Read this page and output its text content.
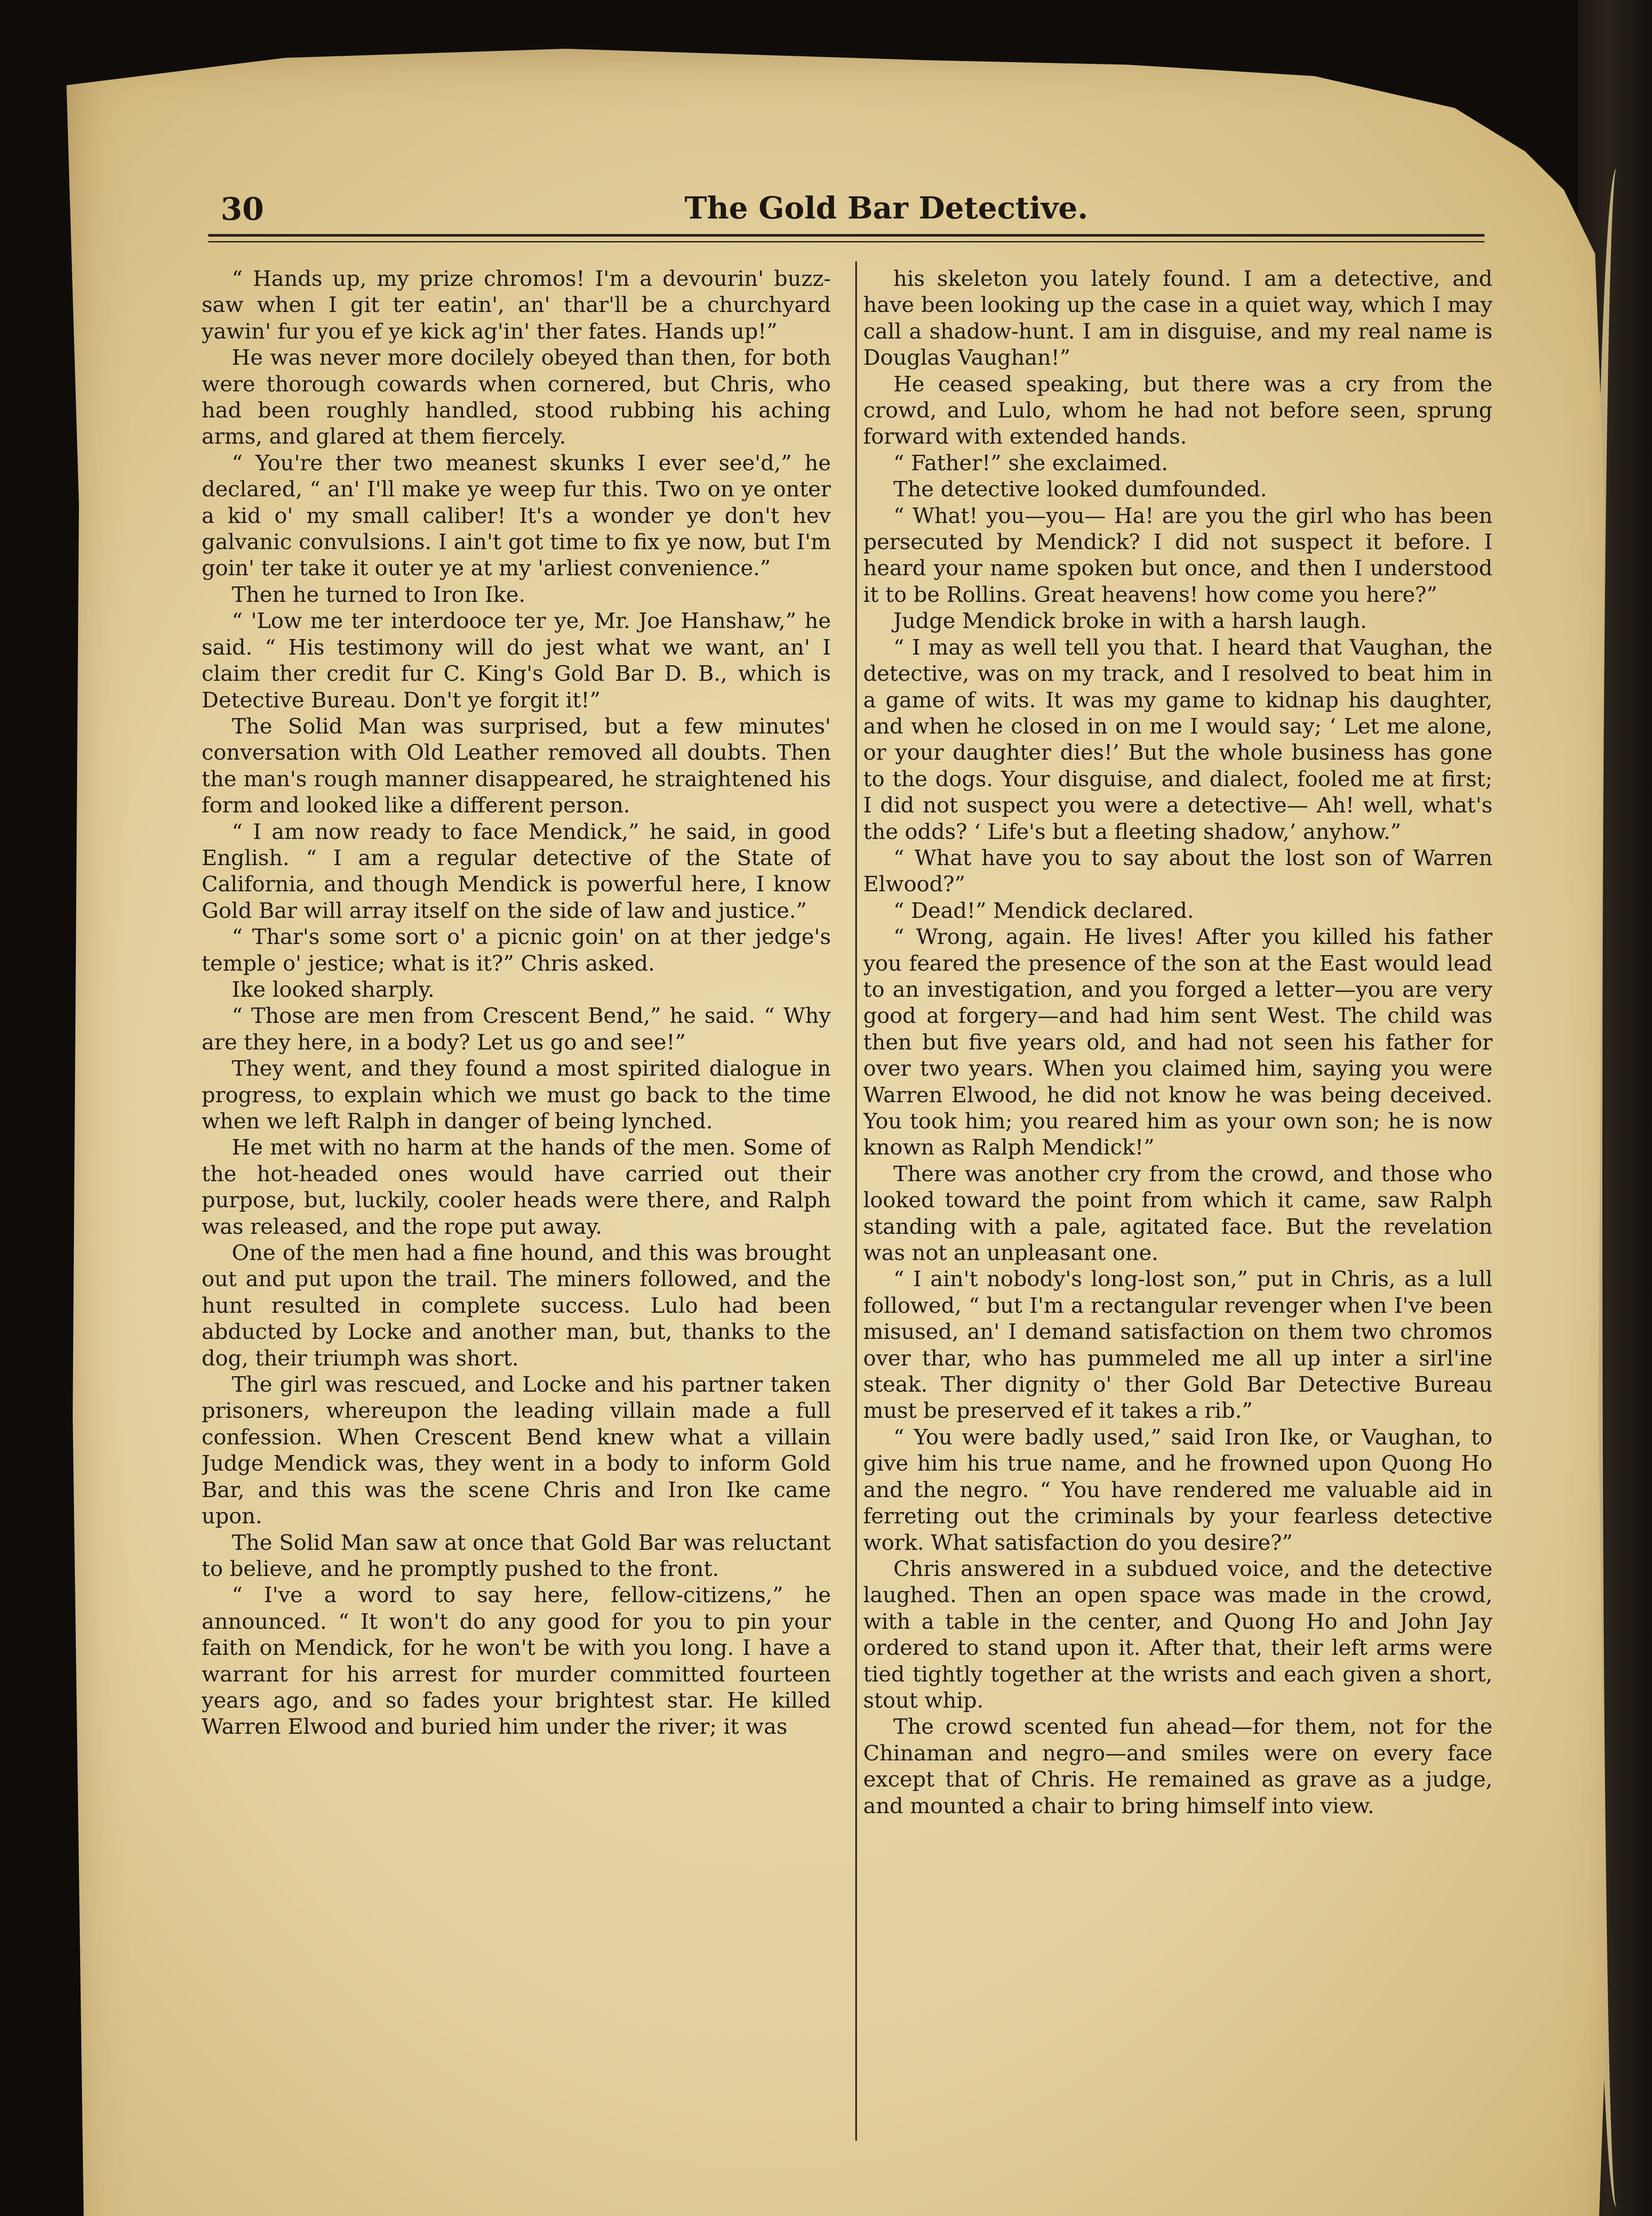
30	The Gold Bar Detective.

“ Hands up, my prize chromos! I'm a devourin' buzz-saw when I git ter eatin', an' thar'll be a churchyard yawin' fur you ef ye kick ag'in' ther fates. Hands up!”

He was never more docilely obeyed than then, for both were thorough cowards when cornered, but Chris, who had been roughly handled, stood rubbing his aching arms, and glared at them fiercely.

“ You're ther two meanest skunks I ever see'd,” he declared, “ an' I'll make ye weep fur this. Two on ye onter a kid o' my small caliber! It's a wonder ye don't hev galvanic convulsions. I ain't got time to fix ye now, but I'm goin' ter take it outer ye at my 'arliest convenience.”

Then he turned to Iron Ike.

“ 'Low me ter interdooce ter ye, Mr. Joe Hanshaw,” he said. “ His testimony will do jest what we want, an' I claim ther credit fur C. King's Gold Bar D. B., which is Detective Bureau. Don't ye forgit it!”

The Solid Man was surprised, but a few minutes' conversation with Old Leather removed all doubts. Then the man's rough manner disappeared, he straightened his form and looked like a different person.

“ I am now ready to face Mendick,” he said, in good English. “ I am a regular detective of the State of California, and though Mendick is powerful here, I know Gold Bar will array itself on the side of law and justice.”

“ Thar's some sort o' a picnic goin' on at ther jedge's temple o' jestice; what is it?” Chris asked.

Ike looked sharply.

“ Those are men from Crescent Bend,” he said. “ Why are they here, in a body? Let us go and see!”

They went, and they found a most spirited dialogue in progress, to explain which we must go back to the time when we left Ralph in danger of being lynched.

He met with no harm at the hands of the men. Some of the hot-headed ones would have carried out their purpose, but, luckily, cooler heads were there, and Ralph was released, and the rope put away.

One of the men had a fine hound, and this was brought out and put upon the trail. The miners followed, and the hunt resulted in complete success. Lulo had been abducted by Locke and another man, but, thanks to the dog, their triumph was short.

The girl was rescued, and Locke and his partner taken prisoners, whereupon the leading villain made a full confession. When Crescent Bend knew what a villain Judge Mendick was, they went in a body to inform Gold Bar, and this was the scene Chris and Iron Ike came upon.

The Solid Man saw at once that Gold Bar was reluctant to believe, and he promptly pushed to the front.

“ I've a word to say here, fellow-citizens,” he announced. “ It won't do any good for you to pin your faith on Mendick, for he won't be with you long. I have a warrant for his arrest for murder committed fourteen years ago, and so fades your brightest star. He killed Warren Elwood and buried him under the river; it was

his skeleton you lately found. I am a detective, and have been looking up the case in a quiet way, which I may call a shadow-hunt. I am in disguise, and my real name is Douglas Vaughan!”

He ceased speaking, but there was a cry from the crowd, and Lulo, whom he had not before seen, sprung forward with extended hands.

“ Father!” she exclaimed.

The detective looked dumfounded.

“ What! you—you— Ha! are you the girl who has been persecuted by Mendick? I did not suspect it before. I heard your name spoken but once, and then I understood it to be Rollins. Great heavens! how come you here?”

Judge Mendick broke in with a harsh laugh.

“ I may as well tell you that. I heard that Vaughan, the detective, was on my track, and I resolved to beat him in a game of wits. It was my game to kidnap his daughter, and when he closed in on me I would say; ‘ Let me alone, or your daughter dies!’ But the whole business has gone to the dogs. Your disguise, and dialect, fooled me at first; I did not suspect you were a detective— Ah! well, what's the odds? ‘ Life's but a fleeting shadow,’ anyhow.”

“ What have you to say about the lost son of Warren Elwood?”

“ Dead!” Mendick declared.

“ Wrong, again. He lives! After you killed his father you feared the presence of the son at the East would lead to an investigation, and you forged a letter—you are very good at forgery—and had him sent West. The child was then but five years old, and had not seen his father for over two years. When you claimed him, saying you were Warren Elwood, he did not know he was being deceived. You took him; you reared him as your own son; he is now known as Ralph Mendick!”

There was another cry from the crowd, and those who looked toward the point from which it came, saw Ralph standing with a pale, agitated face. But the revelation was not an unpleasant one.

“ I ain't nobody's long-lost son,” put in Chris, as a lull followed, “ but I'm a rectangular revenger when I've been misused, an' I demand satisfaction on them two chromos over thar, who has pummeled me all up inter a sirl'ine steak. Ther dignity o' ther Gold Bar Detective Bureau must be preserved ef it takes a rib.”

“ You were badly used,” said Iron Ike, or Vaughan, to give him his true name, and he frowned upon Quong Ho and the negro. “ You have rendered me valuable aid in ferreting out the criminals by your fearless detective work. What satisfaction do you desire?”

Chris answered in a subdued voice, and the detective laughed. Then an open space was made in the crowd, with a table in the center, and Quong Ho and John Jay ordered to stand upon it. After that, their left arms were tied tightly together at the wrists and each given a short, stout whip.

The crowd scented fun ahead—for them, not for the Chinaman and negro—and smiles were on every face except that of Chris. He remained as grave as a judge, and mounted a chair to bring himself into view.
